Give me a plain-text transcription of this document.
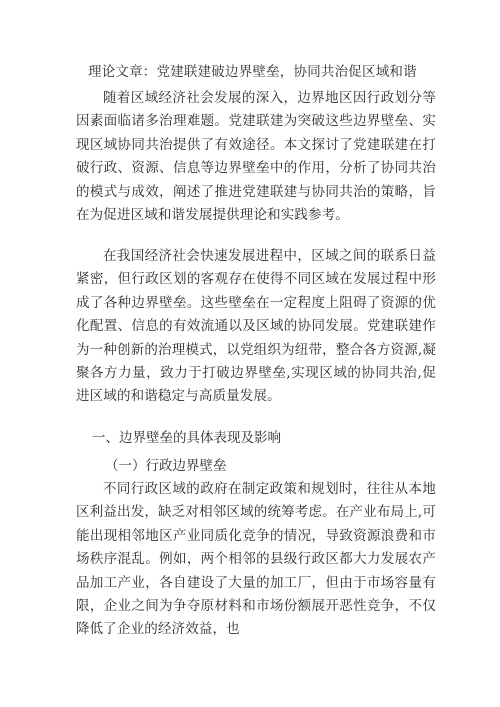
理论文章：党建联建破边界壁垒，协同共治促区域和谐
随着区域经济社会发展的深入，边界地区因行政划分等因素面临诸多治理难题。党建联建为突破这些边界壁垒、实现区域协同共治提供了有效途径。本文探讨了党建联建在打破行政、资源、信息等边界壁垒中的作用，分析了协同共治的模式与成效，阐述了推进党建联建与协同共治的策略，旨在为促进区域和谐发展提供理论和实践参考。
在我国经济社会快速发展进程中，区域之间的联系日益紧密，但行政区划的客观存在使得不同区域在发展过程中形成了各种边界壁垒。这些壁垒在一定程度上阻碍了资源的优化配置、信息的有效流通以及区域的协同发展。党建联建作为一种创新的治理模式，以党组织为纽带，整合各方资源,凝聚各方力量，致力于打破边界壁垒,实现区域的协同共治,促进区域的和谐稳定与高质量发展。
一、边界壁垒的具体表现及影响
（一）行政边界壁垒
不同行政区域的政府在制定政策和规划时，往往从本地区利益出发，缺乏对相邻区域的统筹考虑。在产业布局上,可能出现相邻地区产业同质化竞争的情况，导致资源浪费和市场秩序混乱。例如，两个相邻的县级行政区都大力发展农产品加工产业，各自建设了大量的加工厂，但由于市场容量有限，企业之间为争夺原材料和市场份额展开恶性竞争，不仅降低了企业的经济效益，也
